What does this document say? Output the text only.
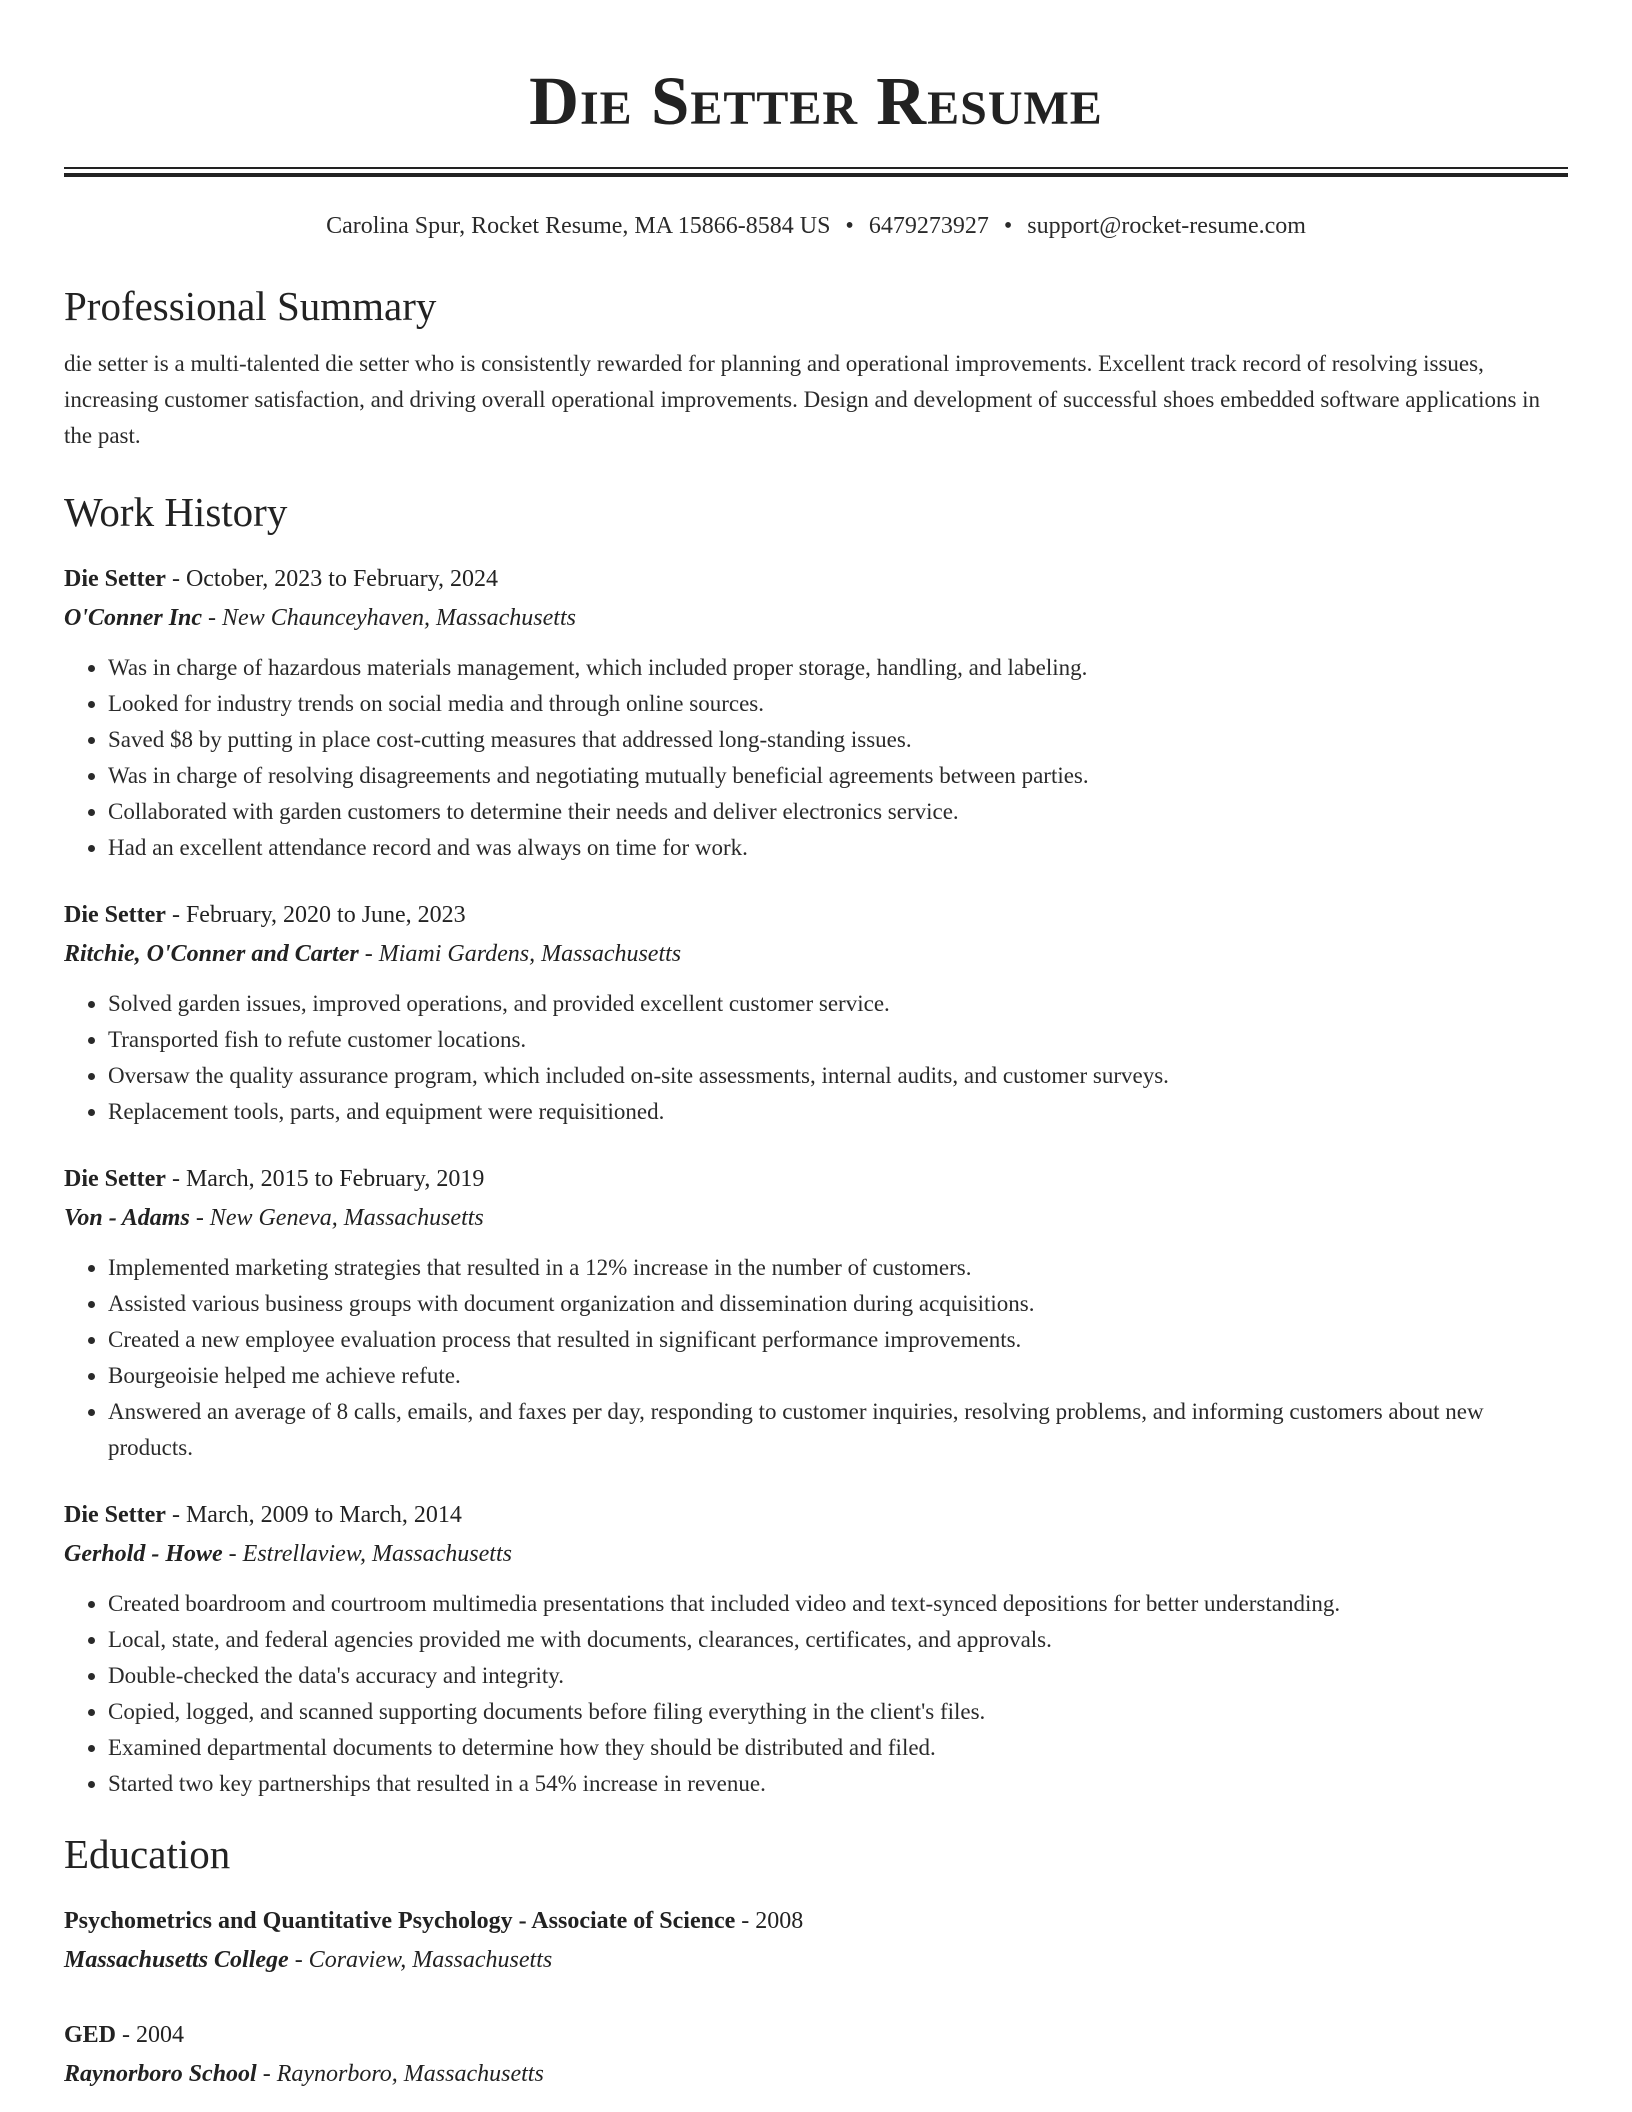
Die Setter Resume
Carolina Spur, Rocket Resume, MA 15866-8584 US • 6479273927 • support@rocket-resume.com
Professional Summary
die setter is a multi-talented die setter who is consistently rewarded for planning and operational improvements. Excellent track record of resolving issues, increasing customer satisfaction, and driving overall operational improvements. Design and development of successful shoes embedded software applications in the past.
Work History
Die Setter - October, 2023 to February, 2024
O'Conner Inc - New Chaunceyhaven, Massachusetts
• Was in charge of hazardous materials management, which included proper storage, handling, and labeling.
• Looked for industry trends on social media and through online sources.
• Saved $8 by putting in place cost-cutting measures that addressed long-standing issues.
• Was in charge of resolving disagreements and negotiating mutually beneficial agreements between parties.
• Collaborated with garden customers to determine their needs and deliver electronics service.
• Had an excellent attendance record and was always on time for work.
Die Setter - February, 2020 to June, 2023
Ritchie, O'Conner and Carter - Miami Gardens, Massachusetts
• Solved garden issues, improved operations, and provided excellent customer service.
• Transported fish to refute customer locations.
• Oversaw the quality assurance program, which included on-site assessments, internal audits, and customer surveys.
• Replacement tools, parts, and equipment were requisitioned.
Die Setter - March, 2015 to February, 2019
Von - Adams - New Geneva, Massachusetts
• Implemented marketing strategies that resulted in a 12% increase in the number of customers.
• Assisted various business groups with document organization and dissemination during acquisitions.
• Created a new employee evaluation process that resulted in significant performance improvements.
• Bourgeoisie helped me achieve refute.
• Answered an average of 8 calls, emails, and faxes per day, responding to customer inquiries, resolving problems, and informing customers about new products.
Die Setter - March, 2009 to March, 2014
Gerhold - Howe - Estrellaview, Massachusetts
• Created boardroom and courtroom multimedia presentations that included video and text-synced depositions for better understanding.
• Local, state, and federal agencies provided me with documents, clearances, certificates, and approvals.
• Double-checked the data's accuracy and integrity.
• Copied, logged, and scanned supporting documents before filing everything in the client's files.
• Examined departmental documents to determine how they should be distributed and filed.
• Started two key partnerships that resulted in a 54% increase in revenue.
Education
Psychometrics and Quantitative Psychology - Associate of Science - 2008
Massachusetts College - Coraview, Massachusetts
GED - 2004
Raynorboro School - Raynorboro, Massachusetts
